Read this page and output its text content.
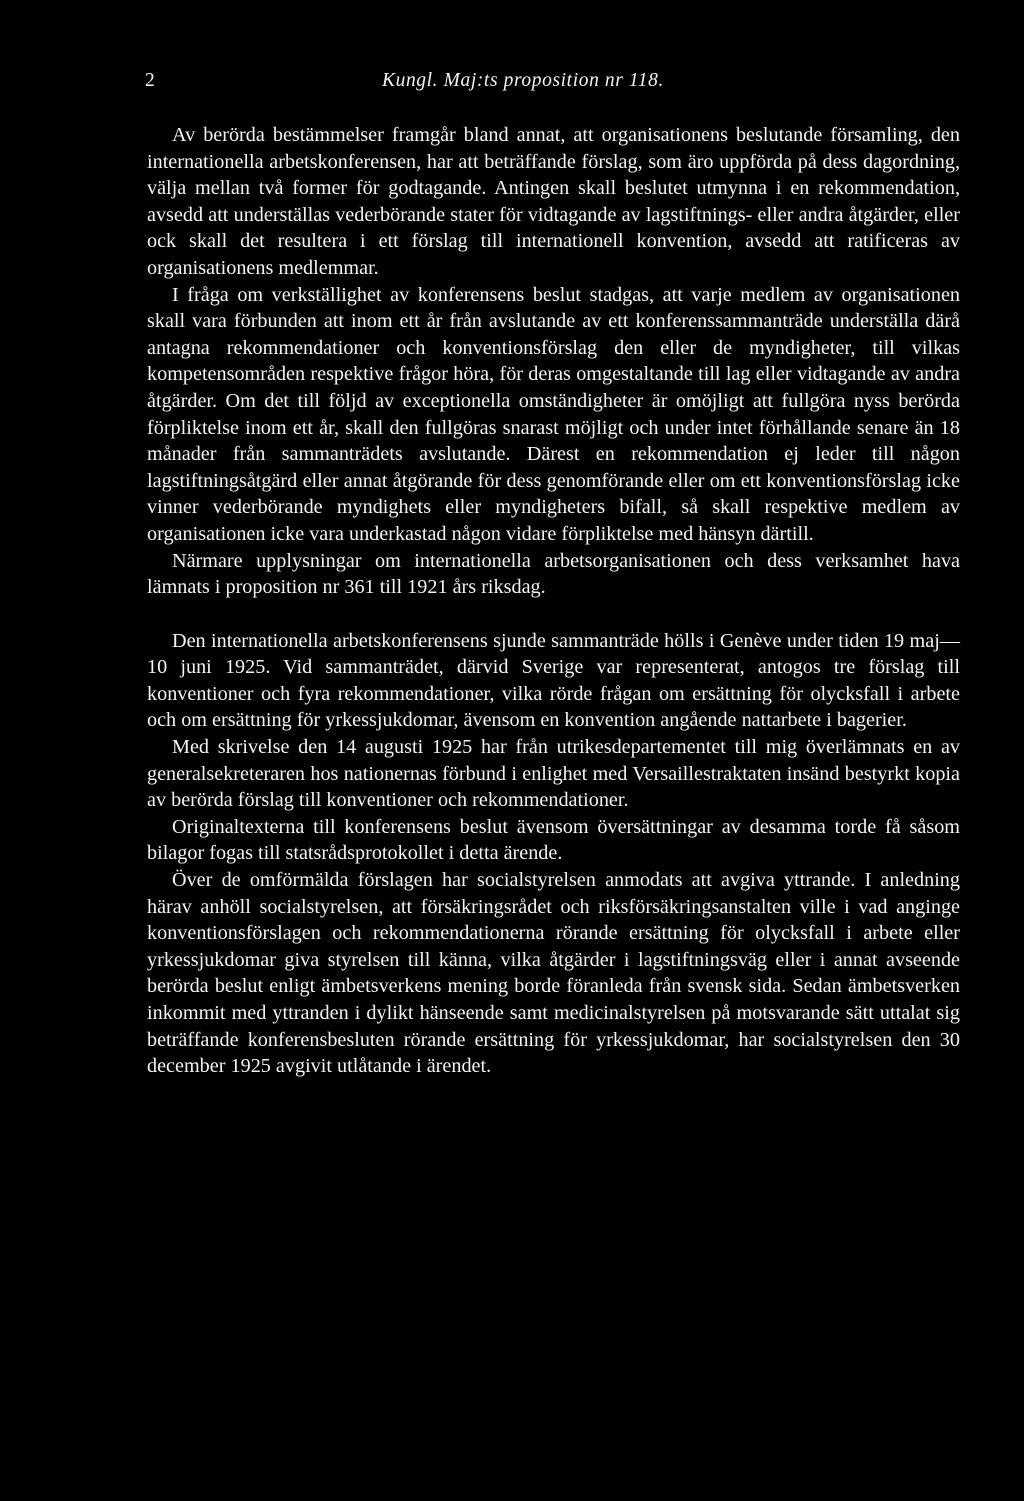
2	Kungl. Maj:ts proposition nr 118.

Av berörda bestämmelser framgår bland annat, att organisationens beslutande församling, den internationella arbetskonferensen, har att beträffande förslag, som äro uppförda på dess dagordning, välja mellan två former för godtagande. Antingen skall beslutet utmynna i en rekommendation, avsedd att underställas vederbörande stater för vidtagande av lagstiftnings- eller andra åtgärder, eller ock skall det resultera i ett förslag till internationell konvention, avsedd att ratificeras av organisationens medlemmar.

I fråga om verkställighet av konferensens beslut stadgas, att varje medlem av organisationen skall vara förbunden att inom ett år från avslutande av ett konferenssammanträde underställa därå antagna rekommendationer och konventionsförslag den eller de myndigheter, till vilkas kompetensområden respektive frågor höra, för deras omgestaltande till lag eller vidtagande av andra åtgärder. Om det till följd av exceptionella omständigheter är omöjligt att fullgöra nyss berörda förpliktelse inom ett år, skall den fullgöras snarast möjligt och under intet förhållande senare än 18 månader från sammanträdets avslutande. Därest en rekommendation ej leder till någon lagstiftningsåtgärd eller annat åtgörande för dess genomförande eller om ett konventionsförslag icke vinner vederbörande myndighets eller myndigheters bifall, så skall respektive medlem av organisationen icke vara underkastad någon vidare förpliktelse med hänsyn därtill.

Närmare upplysningar om internationella arbetsorganisationen och dess verksamhet hava lämnats i proposition nr 361 till 1921 års riksdag.

Den internationella arbetskonferensens sjunde sammanträde hölls i Genève under tiden 19 maj—10 juni 1925. Vid sammanträdet, därvid Sverige var representerat, antogos tre förslag till konventioner och fyra rekommendationer, vilka rörde frågan om ersättning för olycksfall i arbete och om ersättning för yrkessjukdomar, ävensom en konvention angående nattarbete i bagerier.

Med skrivelse den 14 augusti 1925 har från utrikesdepartementet till mig överlämnats en av generalsekreteraren hos nationernas förbund i enlighet med Versaillestraktaten insänd bestyrkt kopia av berörda förslag till konventioner och rekommendationer.

Originaltexterna till konferensens beslut ävensom översättningar av desamma torde få såsom bilagor fogas till statsrådsprotokollet i detta ärende.

Över de omförmälda förslagen har socialstyrelsen anmodats att avgiva yttrande. I anledning härav anhöll socialstyrelsen, att försäkringsrådet och riksförsäkringsanstalten ville i vad anginge konventionsförslagen och rekommendationerna rörande ersättning för olycksfall i arbete eller yrkessjukdomar giva styrelsen till känna, vilka åtgärder i lagstiftningsväg eller i annat avseende berörda beslut enligt ämbetsverkens mening borde föranleda från svensk sida. Sedan ämbetsverken inkommit med yttranden i dylikt hänseende samt medicinalstyrelsen på motsvarande sätt uttalat sig beträffande konferensbesluten rörande ersättning för yrkessjukdomar, har socialstyrelsen den 30 december 1925 avgivit utlåtande i ärendet.
